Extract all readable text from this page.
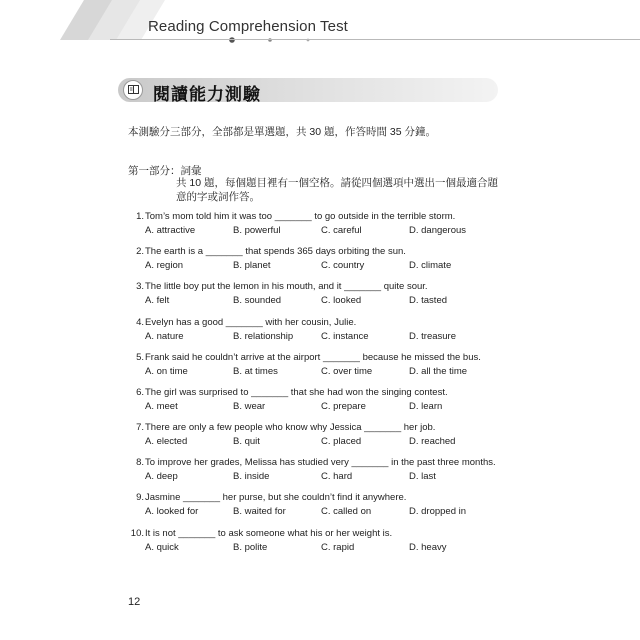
Reading Comprehension Test
閱讀能力測驗
本測驗分三部分，全部都是單選題，共 30 題，作答時間 35 分鐘。
第一部分：詞彙
共 10 題，每個題目裡有一個空格。請從四個選項中選出一個最適合題意的字或詞作答。
1. Tom’s mom told him it was too _______ to go outside in the terrible storm.
A. attractive	B. powerful	C. careful	D. dangerous
2. The earth is a _______ that spends 365 days orbiting the sun.
A. region	B. planet	C. country	D. climate
3. The little boy put the lemon in his mouth, and it _______ quite sour.
A. felt	B. sounded	C. looked	D. tasted
4. Evelyn has a good _______ with her cousin, Julie.
A. nature	B. relationship	C. instance	D. treasure
5. Frank said he couldn’t arrive at the airport _______ because he missed the bus.
A. on time	B. at times	C. over time	D. all the time
6. The girl was surprised to _______ that she had won the singing contest.
A. meet	B. wear	C. prepare	D. learn
7. There are only a few people who know why Jessica _______ her job.
A. elected	B. quit	C. placed	D. reached
8. To improve her grades, Melissa has studied very _______ in the past three months.
A. deep	B. inside	C. hard	D. last
9. Jasmine _______ her purse, but she couldn’t find it anywhere.
A. looked for	B. waited for	C. called on	D. dropped in
10. It is not _______ to ask someone what his or her weight is.
A. quick	B. polite	C. rapid	D. heavy
12
